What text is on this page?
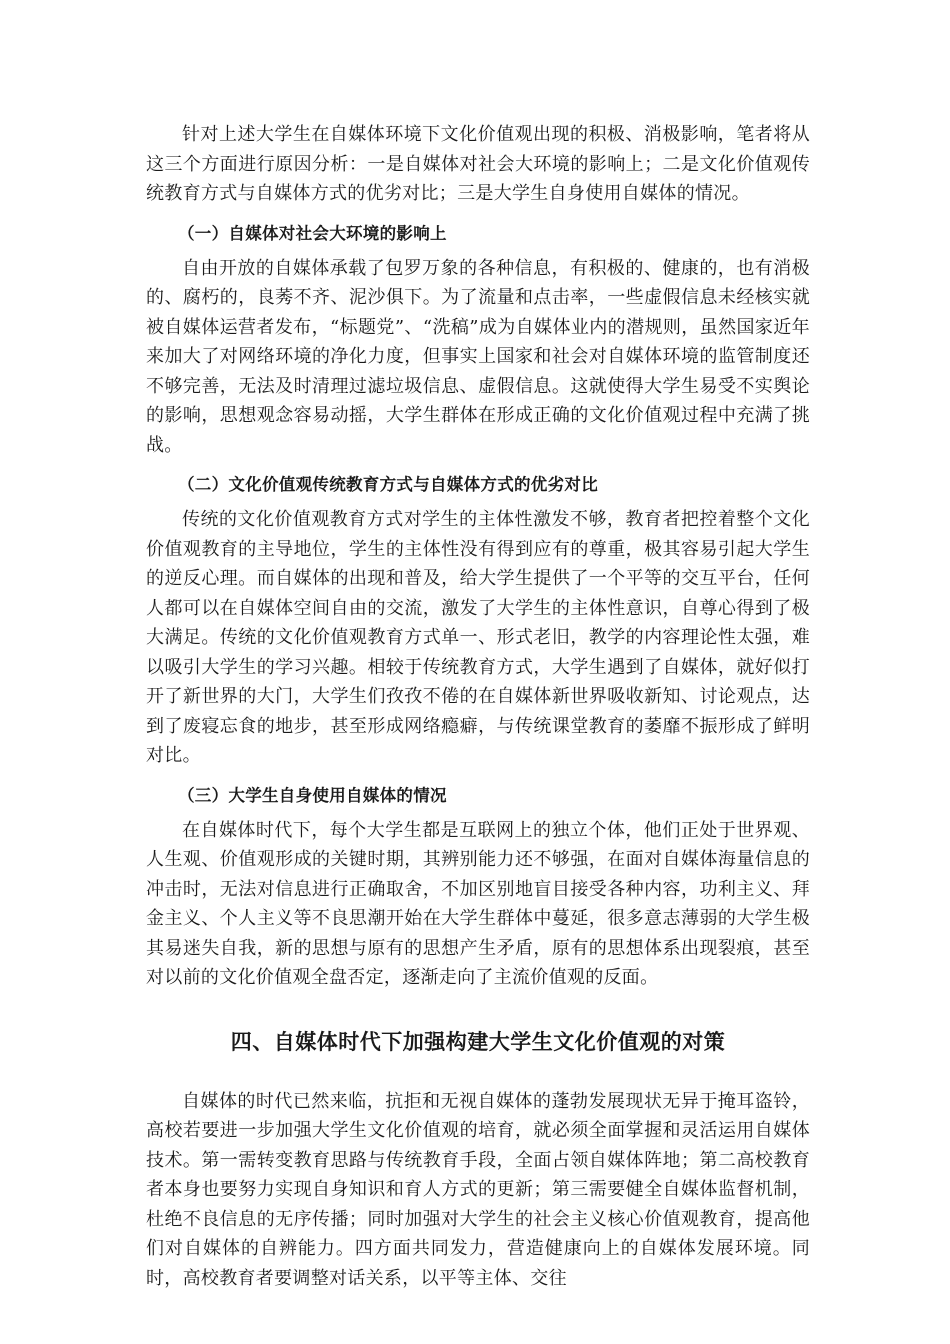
针对上述大学生在自媒体环境下文化价值观出现的积极、消极影响，笔者将从这三个方面进行原因分析：一是自媒体对社会大环境的影响上；二是文化价值观传统教育方式与自媒体方式的优劣对比；三是大学生自身使用自媒体的情况。

（一）自媒体对社会大环境的影响上

自由开放的自媒体承载了包罗万象的各种信息，有积极的、健康的，也有消极的、腐朽的，良莠不齐、泥沙俱下。为了流量和点击率，一些虚假信息未经核实就被自媒体运营者发布，“标题党”、“洗稿”成为自媒体业内的潜规则，虽然国家近年来加大了对网络环境的净化力度，但事实上国家和社会对自媒体环境的监管制度还不够完善，无法及时清理过滤垃圾信息、虚假信息。这就使得大学生易受不实舆论的影响，思想观念容易动摇，大学生群体在形成正确的文化价值观过程中充满了挑战。

（二）文化价值观传统教育方式与自媒体方式的优劣对比

传统的文化价值观教育方式对学生的主体性激发不够，教育者把控着整个文化价值观教育的主导地位，学生的主体性没有得到应有的尊重，极其容易引起大学生的逆反心理。而自媒体的出现和普及，给大学生提供了一个平等的交互平台，任何人都可以在自媒体空间自由的交流，激发了大学生的主体性意识，自尊心得到了极大满足。传统的文化价值观教育方式单一、形式老旧，教学的内容理论性太强，难以吸引大学生的学习兴趣。相较于传统教育方式，大学生遇到了自媒体，就好似打开了新世界的大门，大学生们孜孜不倦的在自媒体新世界吸收新知、讨论观点，达到了废寝忘食的地步，甚至形成网络瘾癖，与传统课堂教育的萎靡不振形成了鲜明对比。

（三）大学生自身使用自媒体的情况

在自媒体时代下，每个大学生都是互联网上的独立个体，他们正处于世界观、人生观、价值观形成的关键时期，其辨别能力还不够强，在面对自媒体海量信息的冲击时，无法对信息进行正确取舍，不加区别地盲目接受各种内容，功利主义、拜金主义、个人主义等不良思潮开始在大学生群体中蔓延，很多意志薄弱的大学生极其易迷失自我，新的思想与原有的思想产生矛盾，原有的思想体系出现裂痕，甚至对以前的文化价值观全盘否定，逐渐走向了主流价值观的反面。

四、自媒体时代下加强构建大学生文化价值观的对策

自媒体的时代已然来临，抗拒和无视自媒体的蓬勃发展现状无异于掩耳盗铃，高校若要进一步加强大学生文化价值观的培育，就必须全面掌握和灵活运用自媒体技术。第一需转变教育思路与传统教育手段，全面占领自媒体阵地；第二高校教育者本身也要努力实现自身知识和育人方式的更新；第三需要健全自媒体监督机制，杜绝不良信息的无序传播；同时加强对大学生的社会主义核心价值观教育，提高他们对自媒体的自辨能力。四方面共同发力，营造健康向上的自媒体发展环境。同时，高校教育者要调整对话关系，以平等主体、交往
